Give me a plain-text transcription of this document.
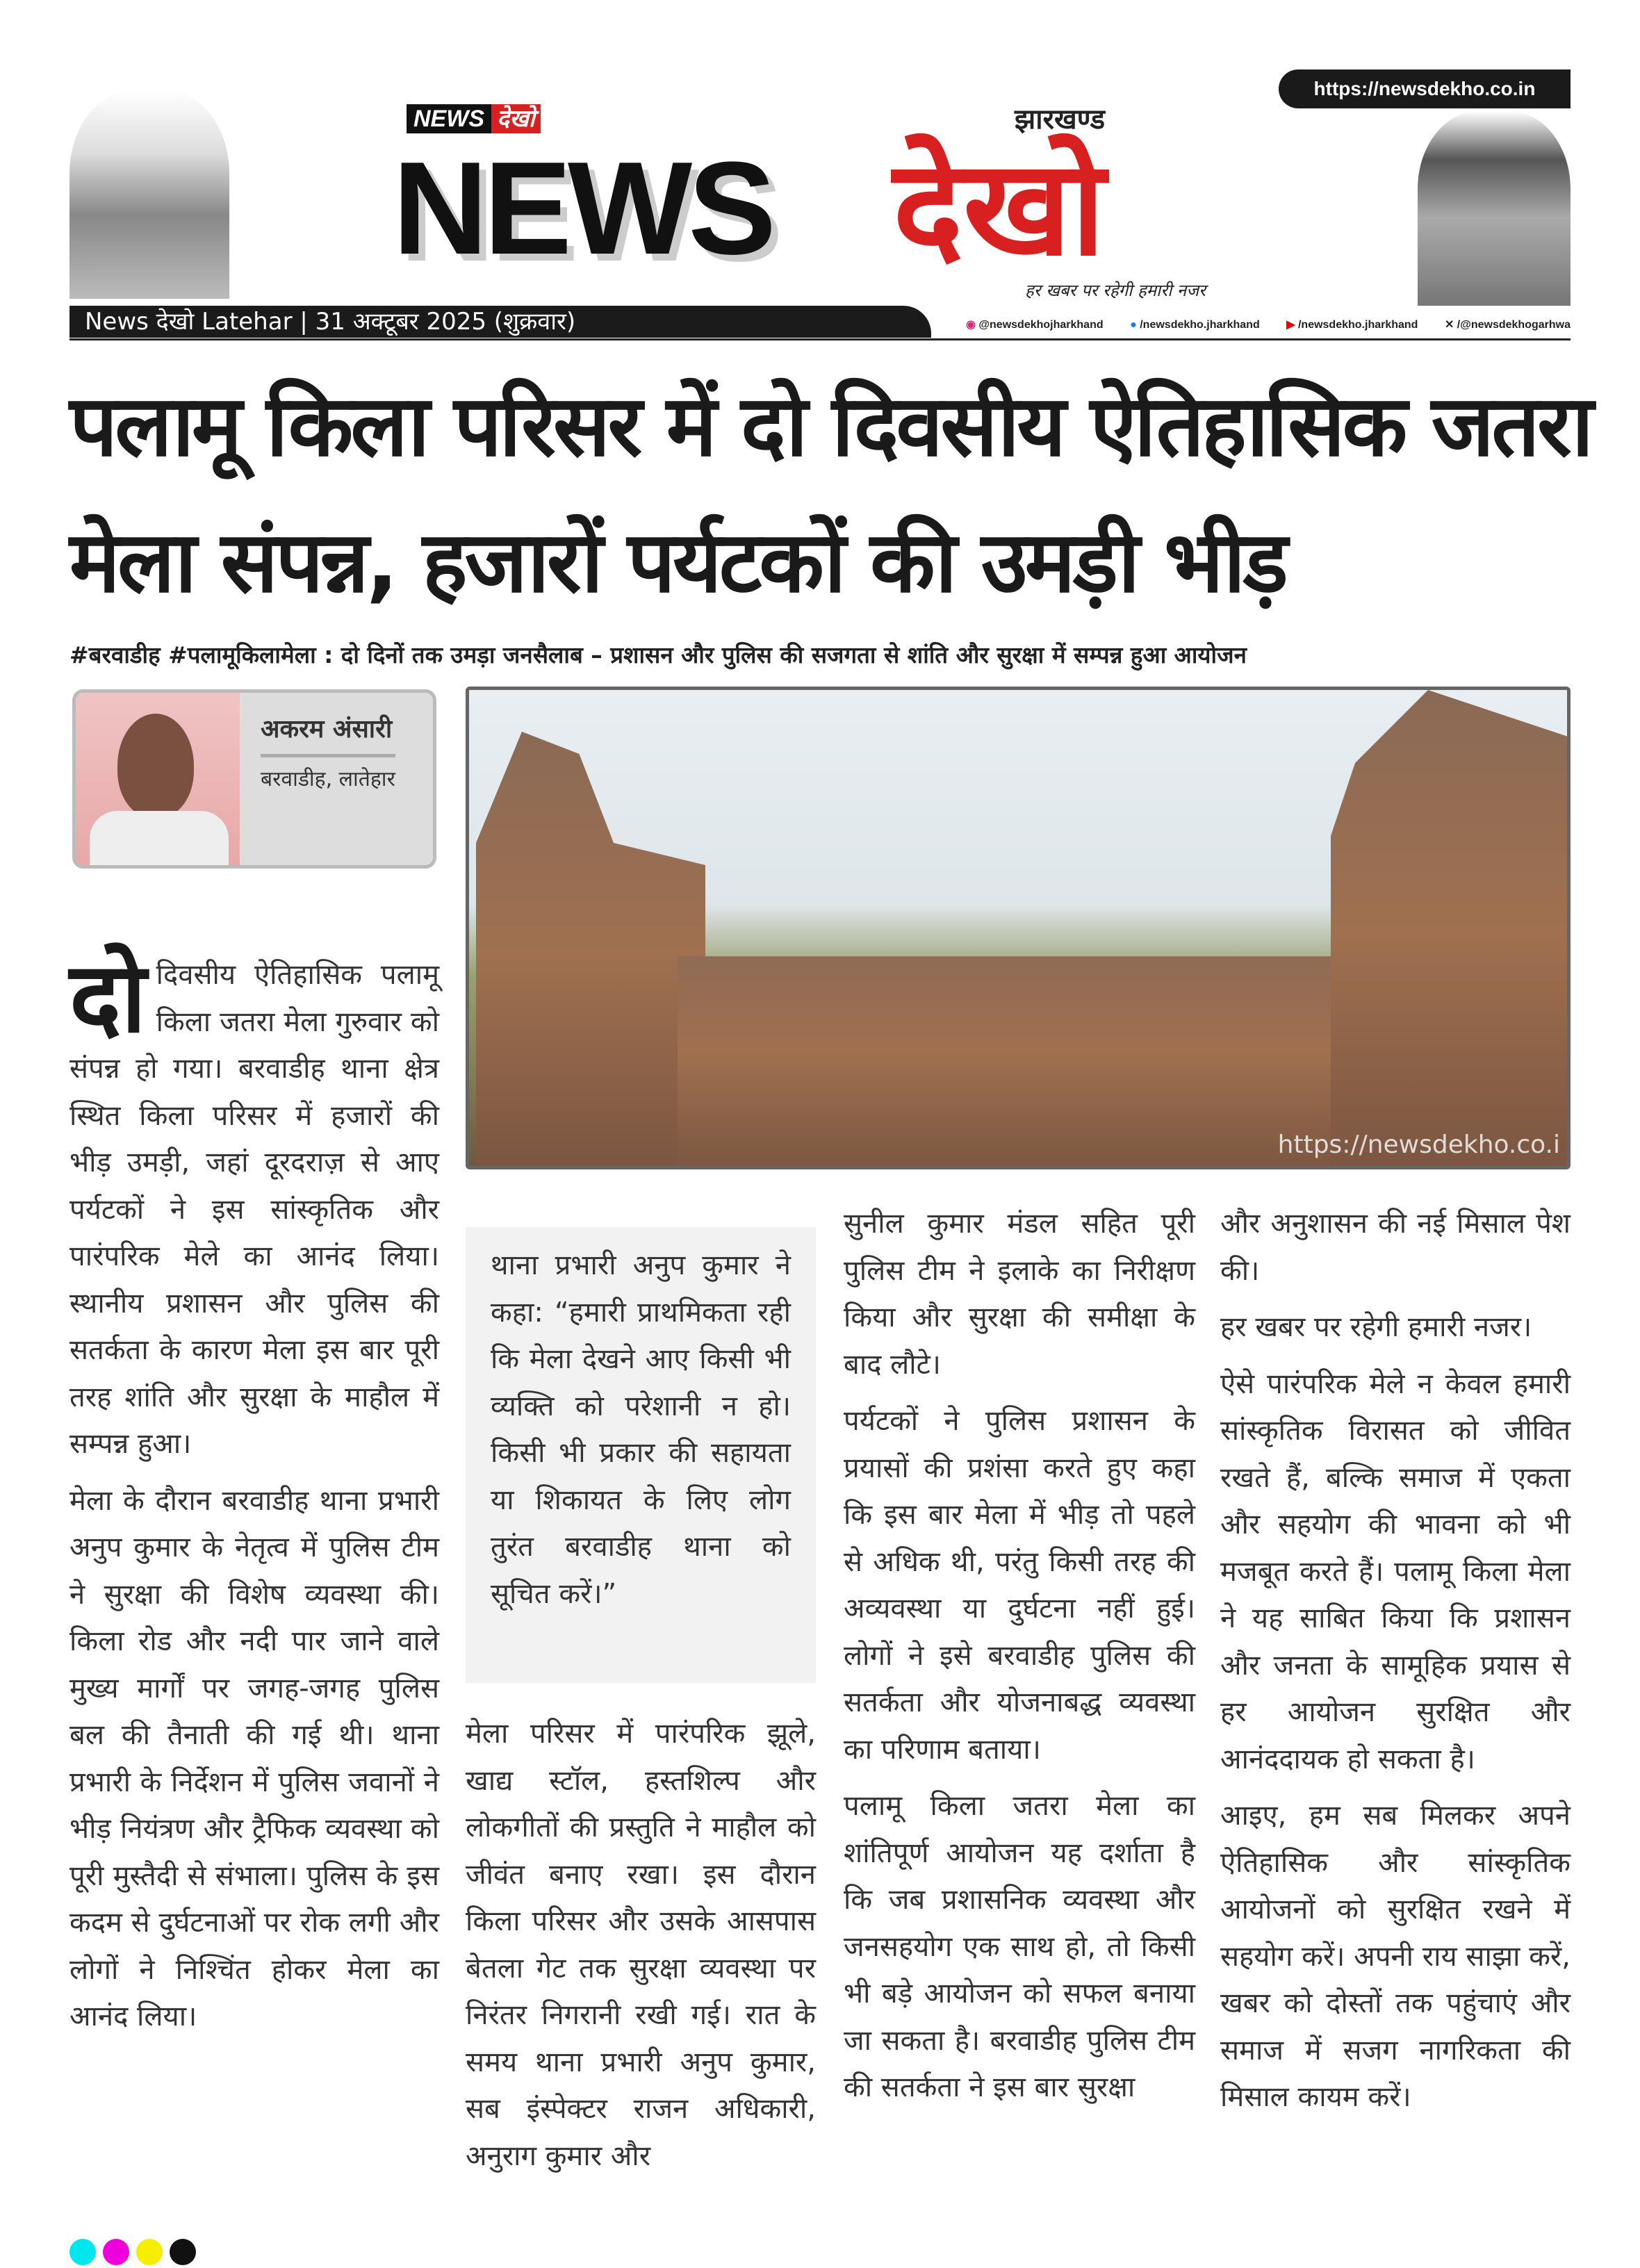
https://newsdekho.co.in
NEWS देखो	झारखण्ड
NEWS देखो
हर खबर पर रहेगी हमारी नजर
News देखो Latehar | 31 अक्टूबर 2025 (शुक्रवार)	◉ @newsdekhojharkhand ● /newsdekho.jharkhand ▶ /newsdekho.jharkhand ✕ /@newsdekhogarhwa
पलामू किला परिसर में दो दिवसीय ऐतिहासिक जतरा मेला संपन्न, हजारों पर्यटकों की उमड़ी भीड़
#बरवाडीह #पलामूकिलामेला : दो दिनों तक उमड़ा जनसैलाब – प्रशासन और पुलिस की सजगता से शांति और सुरक्षा में सम्पन्न हुआ आयोजन
अकरम अंसारी
बरवाडीह, लातेहार
https://newsdekho.co.i
दो दिवसीय ऐतिहासिक पलामू किला जतरा मेला गुरुवार को संपन्न हो गया। बरवाडीह थाना क्षेत्र स्थित किला परिसर में हजारों की भीड़ उमड़ी, जहां दूरदराज़ से आए पर्यटकों ने इस सांस्कृतिक और पारंपरिक मेले का आनंद लिया। स्थानीय प्रशासन और पुलिस की सतर्कता के कारण मेला इस बार पूरी तरह शांति और सुरक्षा के माहौल में सम्पन्न हुआ।

मेला के दौरान बरवाडीह थाना प्रभारी अनुप कुमार के नेतृत्व में पुलिस टीम ने सुरक्षा की विशेष व्यवस्था की। किला रोड और नदी पार जाने वाले मुख्य मार्गों पर जगह-जगह पुलिस बल की तैनाती की गई थी। थाना प्रभारी के निर्देशन में पुलिस जवानों ने भीड़ नियंत्रण और ट्रैफिक व्यवस्था को पूरी मुस्तैदी से संभाला। पुलिस के इस कदम से दुर्घटनाओं पर रोक लगी और लोगों ने निश्चिंत होकर मेला का आनंद लिया।

थाना प्रभारी अनुप कुमार ने कहा: “हमारी प्राथमिकता रही कि मेला देखने आए किसी भी व्यक्ति को परेशानी न हो। किसी भी प्रकार की सहायता या शिकायत के लिए लोग तुरंत बरवाडीह थाना को सूचित करें।”

मेला परिसर में पारंपरिक झूले, खाद्य स्टॉल, हस्तशिल्प और लोकगीतों की प्रस्तुति ने माहौल को जीवंत बनाए रखा। इस दौरान किला परिसर और उसके आसपास बेतला गेट तक सुरक्षा व्यवस्था पर निरंतर निगरानी रखी गई। रात के समय थाना प्रभारी अनुप कुमार, सब इंस्पेक्टर राजन अधिकारी, अनुराग कुमार और

सुनील कुमार मंडल सहित पूरी पुलिस टीम ने इलाके का निरीक्षण किया और सुरक्षा की समीक्षा के बाद लौटे।

पर्यटकों ने पुलिस प्रशासन के प्रयासों की प्रशंसा करते हुए कहा कि इस बार मेला में भीड़ तो पहले से अधिक थी, परंतु किसी तरह की अव्यवस्था या दुर्घटना नहीं हुई। लोगों ने इसे बरवाडीह पुलिस की सतर्कता और योजनाबद्ध व्यवस्था का परिणाम बताया।

पलामू किला जतरा मेला का शांतिपूर्ण आयोजन यह दर्शाता है कि जब प्रशासनिक व्यवस्था और जनसहयोग एक साथ हो, तो किसी भी बड़े आयोजन को सफल बनाया जा सकता है। बरवाडीह पुलिस टीम की सतर्कता ने इस बार सुरक्षा

और अनुशासन की नई मिसाल पेश की।

हर खबर पर रहेगी हमारी नजर।

ऐसे पारंपरिक मेले न केवल हमारी सांस्कृतिक विरासत को जीवित रखते हैं, बल्कि समाज में एकता और सहयोग की भावना को भी मजबूत करते हैं। पलामू किला मेला ने यह साबित किया कि प्रशासन और जनता के सामूहिक प्रयास से हर आयोजन सुरक्षित और आनंददायक हो सकता है।

आइए, हम सब मिलकर अपने ऐतिहासिक और सांस्कृतिक आयोजनों को सुरक्षित रखने में सहयोग करें। अपनी राय साझा करें, खबर को दोस्तों तक पहुंचाएं और समाज में सजग नागरिकता की मिसाल कायम करें।
